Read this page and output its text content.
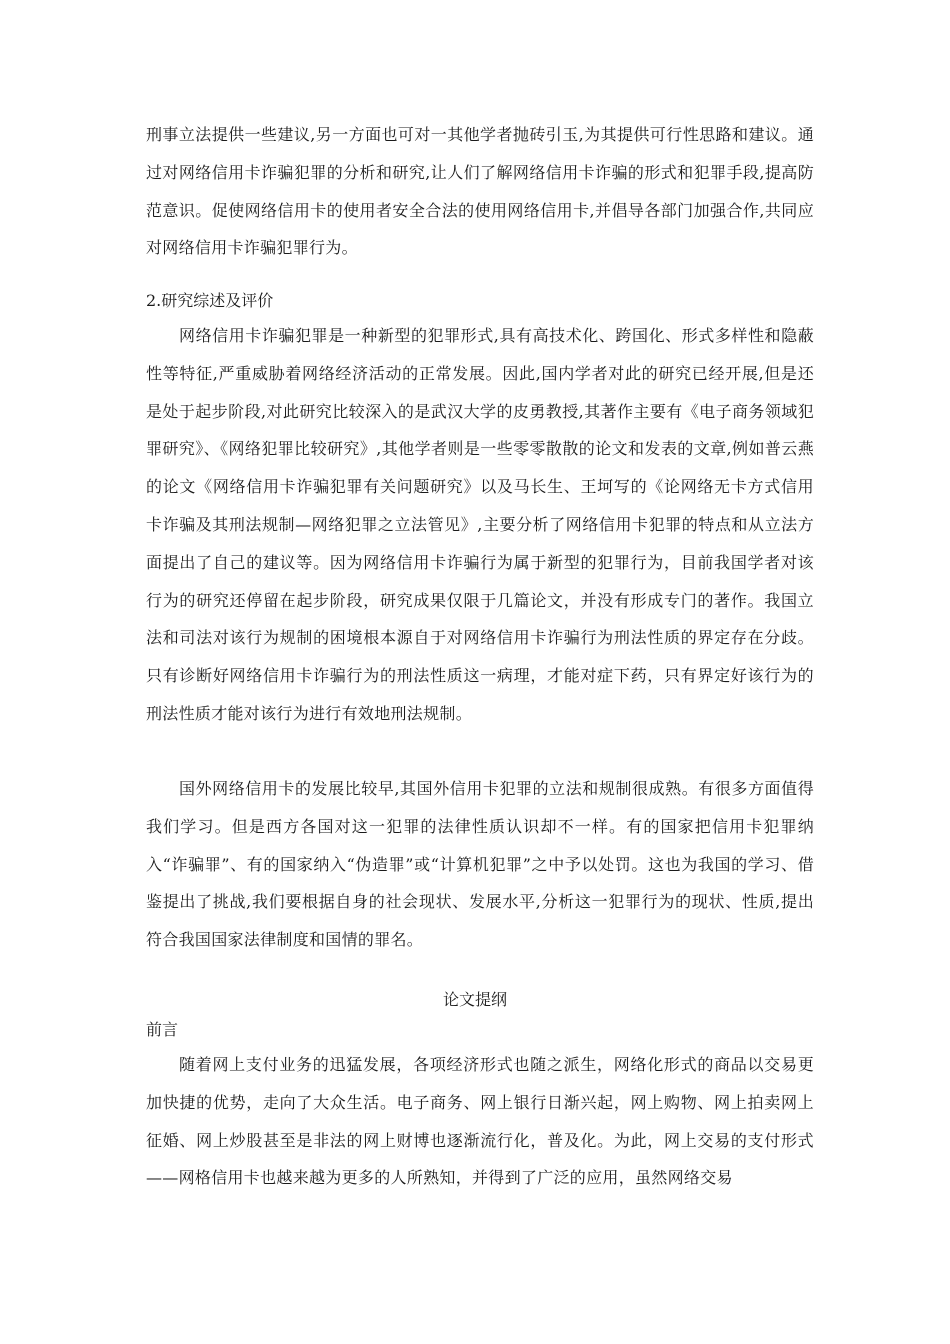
刑事立法提供一些建议,另一方面也可对一其他学者抛砖引玉,为其提供可行性思路和建议。通过对网络信用卡诈骗犯罪的分析和研究,让人们了解网络信用卡诈骗的形式和犯罪手段,提高防范意识。促使网络信用卡的使用者安全合法的使用网络信用卡,并倡导各部门加强合作,共同应对网络信用卡诈骗犯罪行为。

2.研究综述及评价

网络信用卡诈骗犯罪是一种新型的犯罪形式,具有高技术化、跨国化、形式多样性和隐蔽性等特征,严重威胁着网络经济活动的正常发展。因此,国内学者对此的研究已经开展,但是还是处于起步阶段,对此研究比较深入的是武汉大学的皮勇教授,其著作主要有《电子商务领域犯罪研究》、《网络犯罪比较研究》,其他学者则是一些零零散散的论文和发表的文章,例如普云燕的论文《网络信用卡诈骗犯罪有关问题研究》以及马长生、王坷写的《论网络无卡方式信用卡诈骗及其刑法规制—网络犯罪之立法管见》,主要分析了网络信用卡犯罪的特点和从立法方面提出了自己的建议等。因为网络信用卡诈骗行为属于新型的犯罪行为，目前我国学者对该行为的研究还停留在起步阶段，研究成果仅限于几篇论文，并没有形成专门的著作。我国立法和司法对该行为规制的困境根本源自于对网络信用卡诈骗行为刑法性质的界定存在分歧。只有诊断好网络信用卡诈骗行为的刑法性质这一病理，才能对症下药，只有界定好该行为的刑法性质才能对该行为进行有效地刑法规制。

国外网络信用卡的发展比较早,其国外信用卡犯罪的立法和规制很成熟。有很多方面值得我们学习。但是西方各国对这一犯罪的法律性质认识却不一样。有的国家把信用卡犯罪纳入“诈骗罪”、有的国家纳入“伪造罪”或“计算机犯罪”之中予以处罚。这也为我国的学习、借鉴提出了挑战,我们要根据自身的社会现状、发展水平,分析这一犯罪行为的现状、性质,提出符合我国国家法律制度和国情的罪名。

论文提纲

前言

随着网上支付业务的迅猛发展，各项经济形式也随之派生，网络化形式的商品以交易更加快捷的优势，走向了大众生活。电子商务、网上银行日渐兴起，网上购物、网上拍卖网上征婚、网上炒股甚至是非法的网上财博也逐渐流行化，普及化。为此，网上交易的支付形式——网格信用卡也越来越为更多的人所熟知，并得到了广泛的应用，虽然网络交易
